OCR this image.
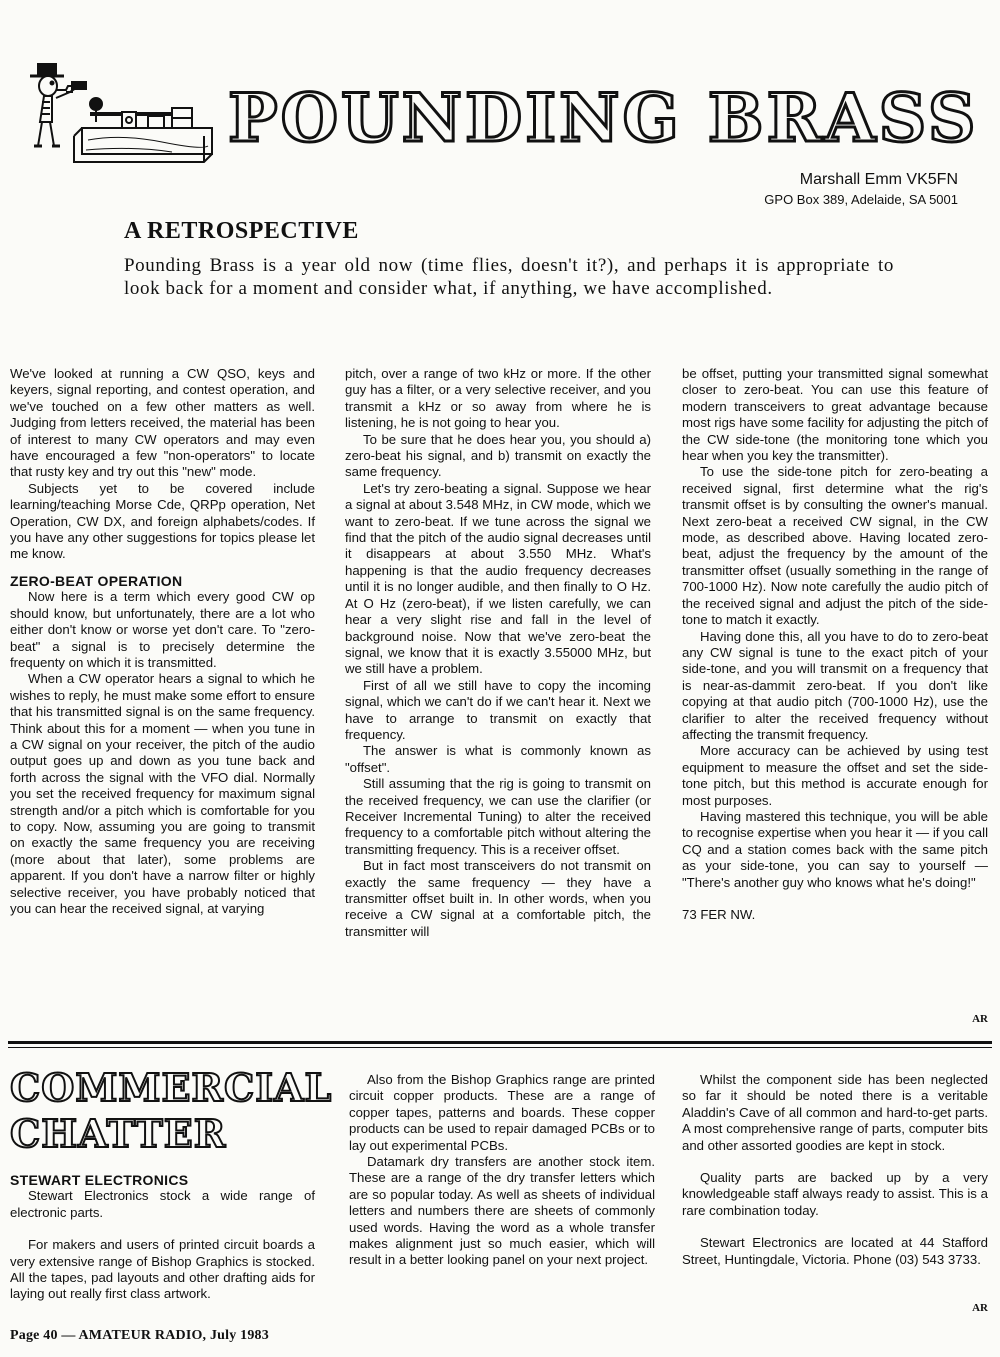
POUNDING BRASS
Marshall Emm VK5FN
GPO Box 389, Adelaide, SA 5001
A RETROSPECTIVE
Pounding Brass is a year old now (time flies, doesn't it?), and perhaps it is appropriate to look back for a moment and consider what, if anything, we have accomplished.

We've looked at running a CW QSO, keys and keyers, signal reporting, and contest operation, and we've touched on a few other matters as well. Judging from letters received, the material has been of interest to many CW operators and may even have encouraged a few "non-operators" to locate that rusty key and try out this "new" mode.

Subjects yet to be covered include learning/teaching Morse Cde, QRPp operation, Net Operation, CW DX, and foreign alphabets/codes. If you have any other suggestions for topics please let me know.

ZERO-BEAT OPERATION

Now here is a term which every good CW op should know, but unfortunately, there are a lot who either don't know or worse yet don't care. To "zero-beat" a signal is to precisely determine the frequenty on which it is transmitted.

When a CW operator hears a signal to which he wishes to reply, he must make some effort to ensure that his transmitted signal is on the same frequency. Think about this for a moment — when you tune in a CW signal on your receiver, the pitch of the audio output goes up and down as you tune back and forth across the signal with the VFO dial. Normally you set the received frequency for maximum signal strength and/or a pitch which is comfortable for you to copy. Now, assuming you are going to transmit on exactly the same frequency you are receiving (more about that later), some problems are apparent. If you don't have a narrow filter or highly selective receiver, you have probably noticed that you can hear the received signal, at varying

pitch, over a range of two kHz or more. If the other guy has a filter, or a very selective receiver, and you transmit a kHz or so away from where he is listening, he is not going to hear you.

To be sure that he does hear you, you should a) zero-beat his signal, and b) transmit on exactly the same frequency.

Let's try zero-beating a signal. Suppose we hear a signal at about 3.548 MHz, in CW mode, which we want to zero-beat. If we tune across the signal we find that the pitch of the audio signal decreases until it disappears at about 3.550 MHz. What's happening is that the audio frequency decreases until it is no longer audible, and then finally to O Hz. At O Hz (zero-beat), if we listen carefully, we can hear a very slight rise and fall in the level of background noise. Now that we've zero-beat the signal, we know that it is exactly 3.55000 MHz, but we still have a problem.

First of all we still have to copy the incoming signal, which we can't do if we can't hear it. Next we have to arrange to transmit on exactly that frequency.

The answer is what is commonly known as "offset".

Still assuming that the rig is going to transmit on the received frequency, we can use the clarifier (or Receiver Incremental Tuning) to alter the received frequency to a comfortable pitch without altering the transmitting frequency. This is a receiver offset.

But in fact most transceivers do not transmit on exactly the same frequency — they have a transmitter offset built in. In other words, when you receive a CW signal at a comfortable pitch, the transmitter will

be offset, putting your transmitted signal somewhat closer to zero-beat. You can use this feature of modern transceivers to great advantage because most rigs have some facility for adjusting the pitch of the CW side-tone (the monitoring tone which you hear when you key the transmitter).

To use the side-tone pitch for zero-beating a received signal, first determine what the rig's transmit offset is by consulting the owner's manual. Next zero-beat a received CW signal, in the CW mode, as described above. Having located zero-beat, adjust the frequency by the amount of the transmitter offset (usually something in the range of 700-1000 Hz). Now note carefully the audio pitch of the received signal and adjust the pitch of the side-tone to match it exactly.

Having done this, all you have to do to zero-beat any CW signal is tune to the exact pitch of your side-tone, and you will transmit on a frequency that is near-as-dammit zero-beat. If you don't like copying at that audio pitch (700-1000 Hz), use the clarifier to alter the received frequency without affecting the transmit frequency.

More accuracy can be achieved by using test equipment to measure the offset and set the side-tone pitch, but this method is accurate enough for most purposes.

Having mastered this technique, you will be able to recognise expertise when you hear it — if you call CQ and a station comes back with the same pitch as your side-tone, you can say to yourself — "There's another guy who knows what he's doing!"

73 FER NW.

AR
COMMERCIAL
CHATTER

STEWART ELECTRONICS

Stewart Electronics stock a wide range of electronic parts.

For makers and users of printed circuit boards a very extensive range of Bishop Graphics is stocked. All the tapes, pad layouts and other drafting aids for laying out really first class artwork.

Also from the Bishop Graphics range are printed circuit copper products. These are a range of copper tapes, patterns and boards. These copper products can be used to repair damaged PCBs or to lay out experimental PCBs.

Datamark dry transfers are another stock item. These are a range of the dry transfer letters which are so popular today. As well as sheets of individual letters and numbers there are sheets of commonly used words. Having the word as a whole transfer makes alignment just so much easier, which will result in a better looking panel on your next project.

Whilst the component side has been neglected so far it should be noted there is a veritable Aladdin's Cave of all common and hard-to-get parts. A most comprehensive range of parts, computer bits and other assorted goodies are kept in stock.

Quality parts are backed up by a very knowledgeable staff always ready to assist. This is a rare combination today.

Stewart Electronics are located at 44 Stafford Street, Huntingdale, Victoria. Phone (03) 543 3733.

AR
Page 40 — AMATEUR RADIO, July 1983
